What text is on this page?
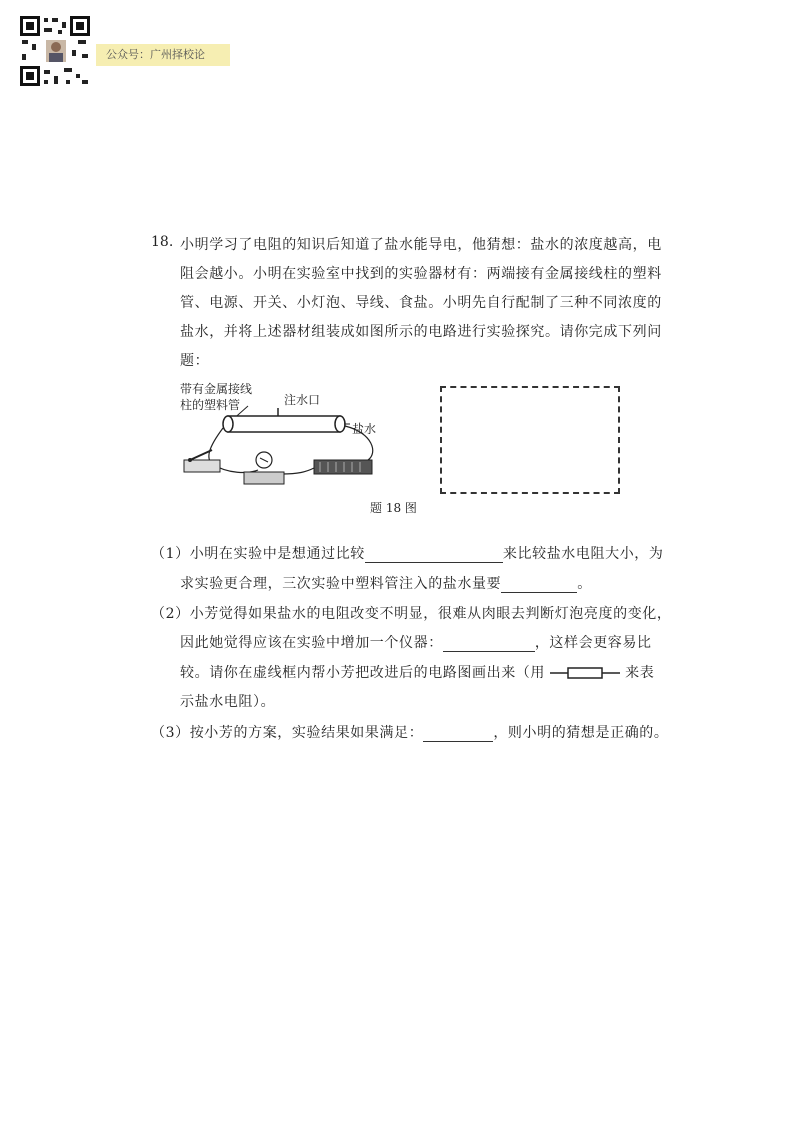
公众号：广州择校论
18. 小明学习了电阻的知识后知道了盐水能导电，他猜想：盐水的浓度越高，电
阻会越小。小明在实验室中找到的实验器材有：两端接有金属接线柱的塑料
管、电源、开关、小灯泡、导线、食盐。小明先自行配制了三种不同浓度的
盐水，并将上述器材组装成如图所示的电路进行实验探究。请你完成下列问
题：
带有金属接线
柱的塑料管	注水口
盐水
题 18 图
（1）小明在实验中是想通过比较	来比较盐水电阻大小，为
求实验更合理，三次实验中塑料管注入的盐水量要	。
（2）小芳觉得如果盐水的电阻改变不明显，很难从肉眼去判断灯泡亮度的变化，
因此她觉得应该在实验中增加一个仪器：	，这样会更容易比
较。请你在虚线框内帮小芳把改进后的电路图画出来（用	来表
示盐水电阻）。
（3）按小芳的方案，实验结果如果满足：	，则小明的猜想是正确的。
